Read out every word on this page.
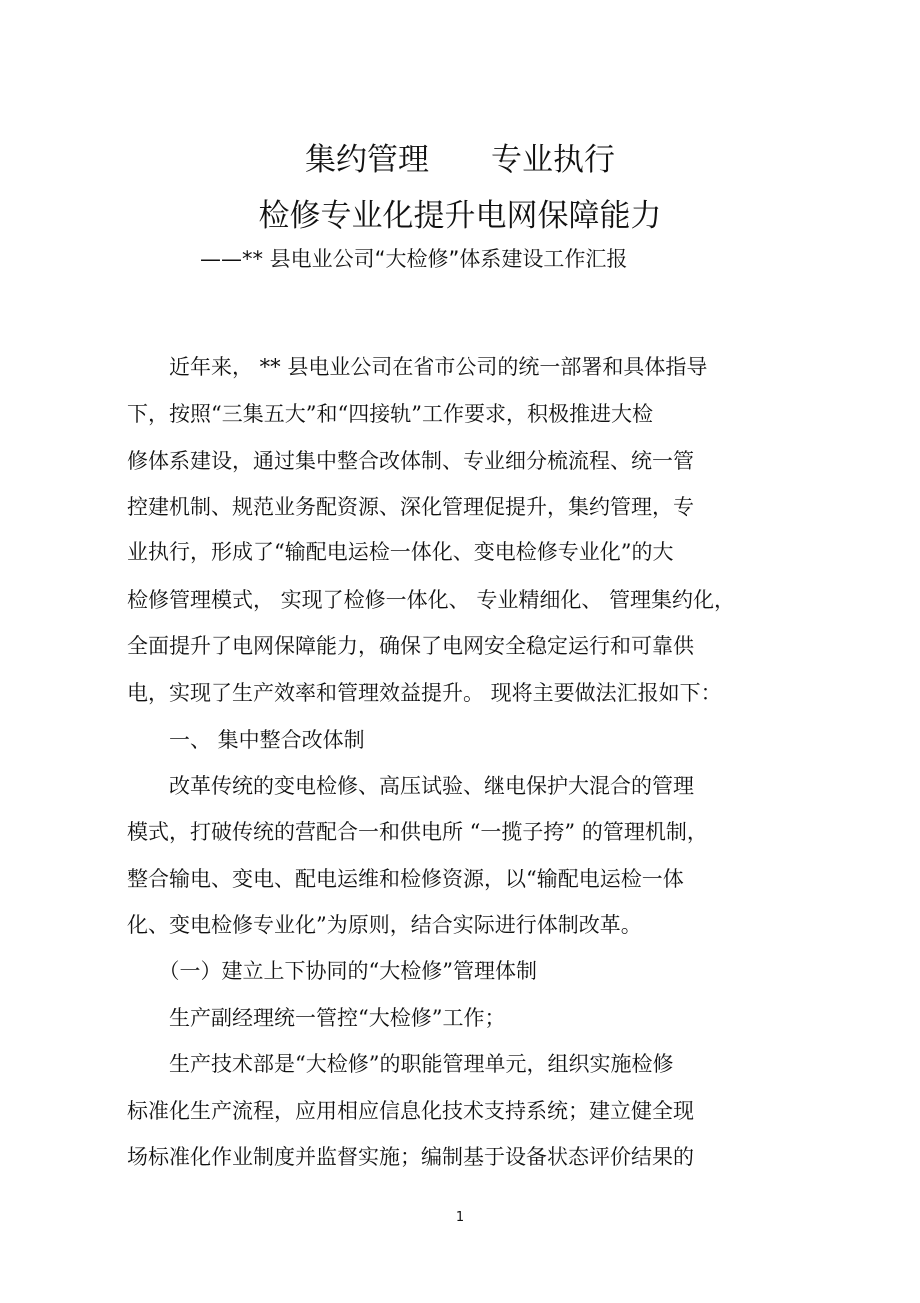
集约管理 专业执行
检修专业化提升电网保障能力
——** 县电业公司“大检修”体系建设工作汇报
　　近年来， ** 县电业公司在省市公司的统一部署和具体指导
下，按照“三集五大”和“四接轨”工作要求，积极推进大检
修体系建设，通过集中整合改体制、专业细分梳流程、统一管
控建机制、规范业务配资源、深化管理促提升，集约管理，专
业执行，形成了“输配电运检一体化、变电检修专业化”的大
检修管理模式， 实现了检修一体化、 专业精细化、 管理集约化，
全面提升了电网保障能力，确保了电网安全稳定运行和可靠供
电，实现了生产效率和管理效益提升。 现将主要做法汇报如下：
　　一、 集中整合改体制
　　改革传统的变电检修、高压试验、继电保护大混合的管理
模式，打破传统的营配合一和供电所 “一揽子挎” 的管理机制，
整合输电、变电、配电运维和检修资源，以“输配电运检一体
化、变电检修专业化”为原则，结合实际进行体制改革。
　　（一）建立上下协同的“大检修”管理体制
　　生产副经理统一管控“大检修”工作；
　　生产技术部是“大检修”的职能管理单元，组织实施检修
标准化生产流程，应用相应信息化技术支持系统；建立健全现
场标准化作业制度并监督实施；编制基于设备状态评价结果的
1
